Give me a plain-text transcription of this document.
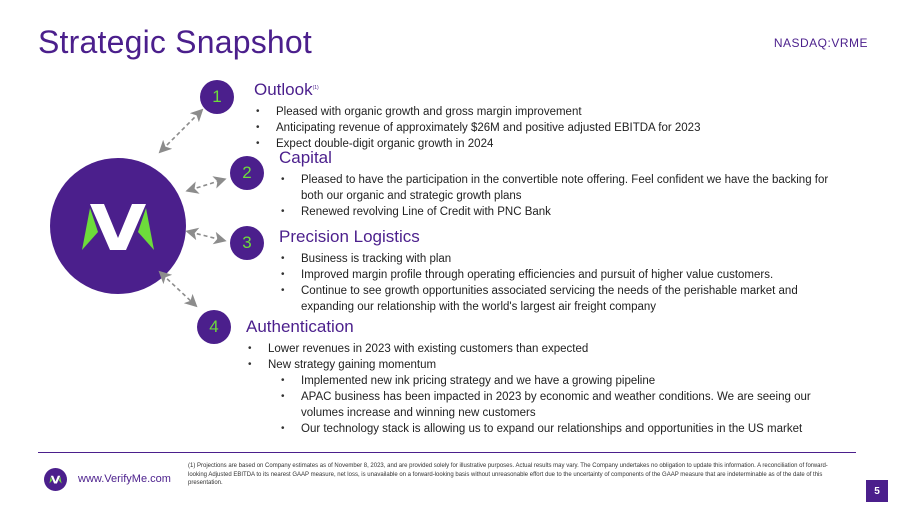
Strategic Snapshot	NASDAQ:VRME
1
2
3
4
Outlook$^{(1)}$
• Pleased with organic growth and gross margin improvement
• Anticipating revenue of approximately $26M and positive adjusted EBITDA for 2023
• Expect double-digit organic growth in 2024
Capital
• Pleased to have the participation in the convertible note offering. Feel confident we have the backing for both our organic and strategic growth plans
• Renewed revolving Line of Credit with PNC Bank
Precision Logistics
• Business is tracking with plan
• Improved margin profile through operating efficiencies and pursuit of higher value customers.
• Continue to see growth opportunities associated servicing the needs of the perishable market and expanding our relationship with the world's largest air freight company
Authentication
• Lower revenues in 2023 with existing customers than expected
• New strategy gaining momentum
• Implemented new ink pricing strategy and we have a growing pipeline
• APAC business has been impacted in 2023 by economic and weather conditions. We are seeing our volumes increase and winning new customers
• Our technology stack is allowing us to expand our relationships and opportunities in the US market
www.VerifyMe.com
(1) Projections are based on Company estimates as of November 8, 2023, and are provided solely for illustrative purposes. Actual results may vary. The Company undertakes no obligation to update this information. A reconciliation of forward-looking Adjusted EBITDA to its nearest GAAP measure, net loss, is unavailable on a forward-looking basis without unreasonable effort due to the uncertainty of components of the GAAP measure that are indeterminable as of the date of this presentation.
5
